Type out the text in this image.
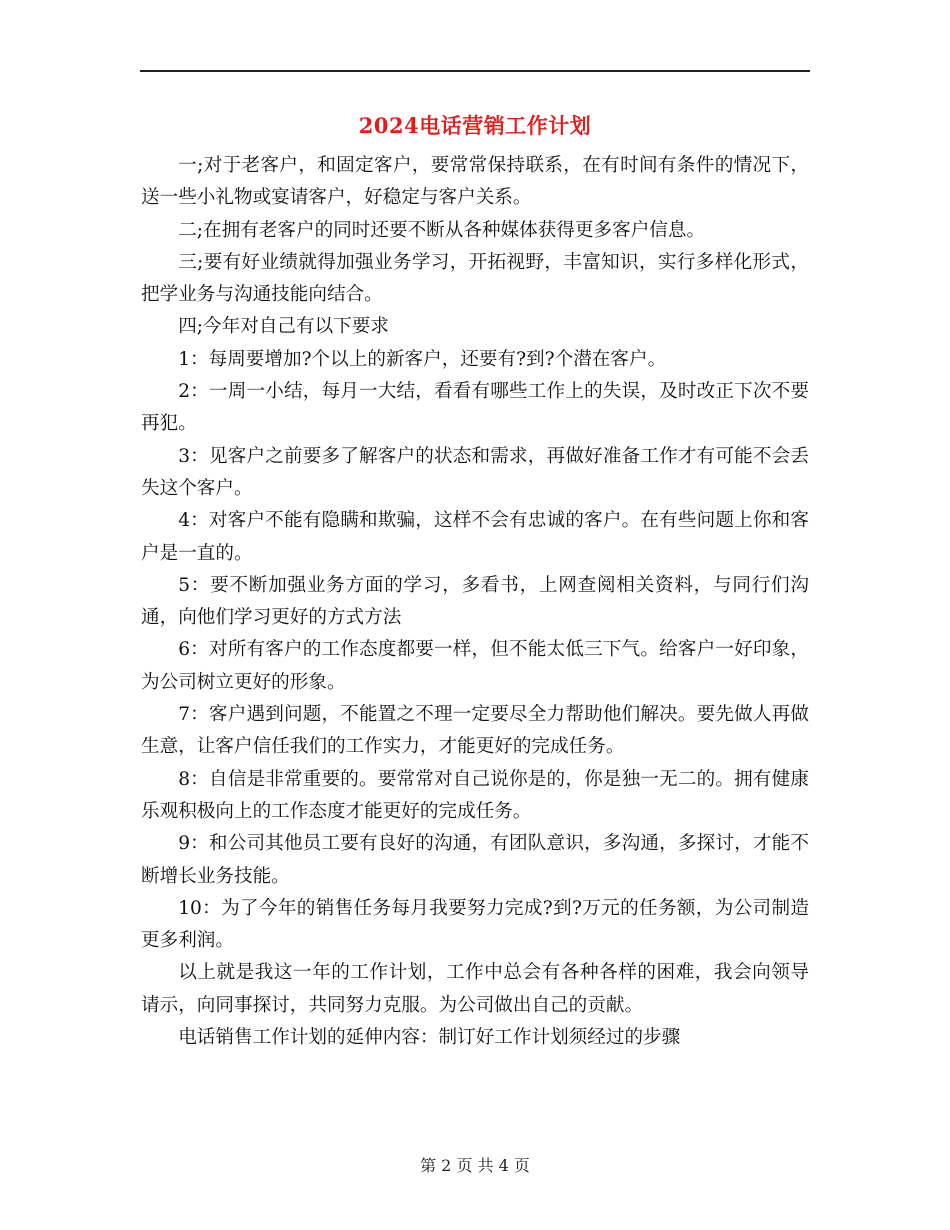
2024电话营销工作计划

一;对于老客户，和固定客户，要常常保持联系，在有时间有条件的情况下，送一些小礼物或宴请客户，好稳定与客户关系。

二;在拥有老客户的同时还要不断从各种媒体获得更多客户信息。

三;要有好业绩就得加强业务学习，开拓视野，丰富知识，实行多样化形式，把学业务与沟通技能向结合。

四;今年对自己有以下要求

1：每周要增加?个以上的新客户，还要有?到?个潜在客户。

2：一周一小结，每月一大结，看看有哪些工作上的失误，及时改正下次不要再犯。

3：见客户之前要多了解客户的状态和需求，再做好准备工作才有可能不会丢失这个客户。

4：对客户不能有隐瞒和欺骗，这样不会有忠诚的客户。在有些问题上你和客户是一直的。

5：要不断加强业务方面的学习，多看书，上网查阅相关资料，与同行们沟通，向他们学习更好的方式方法

6：对所有客户的工作态度都要一样，但不能太低三下气。给客户一好印象，为公司树立更好的形象。

7：客户遇到问题，不能置之不理一定要尽全力帮助他们解决。要先做人再做生意，让客户信任我们的工作实力，才能更好的完成任务。

8：自信是非常重要的。要常常对自己说你是的，你是独一无二的。拥有健康乐观积极向上的工作态度才能更好的完成任务。

9：和公司其他员工要有良好的沟通，有团队意识，多沟通，多探讨，才能不断增长业务技能。

10：为了今年的销售任务每月我要努力完成?到?万元的任务额，为公司制造更多利润。

以上就是我这一年的工作计划，工作中总会有各种各样的困难，我会向领导请示，向同事探讨，共同努力克服。为公司做出自己的贡献。

电话销售工作计划的延伸内容：制订好工作计划须经过的步骤

第 2 页 共 4 页
